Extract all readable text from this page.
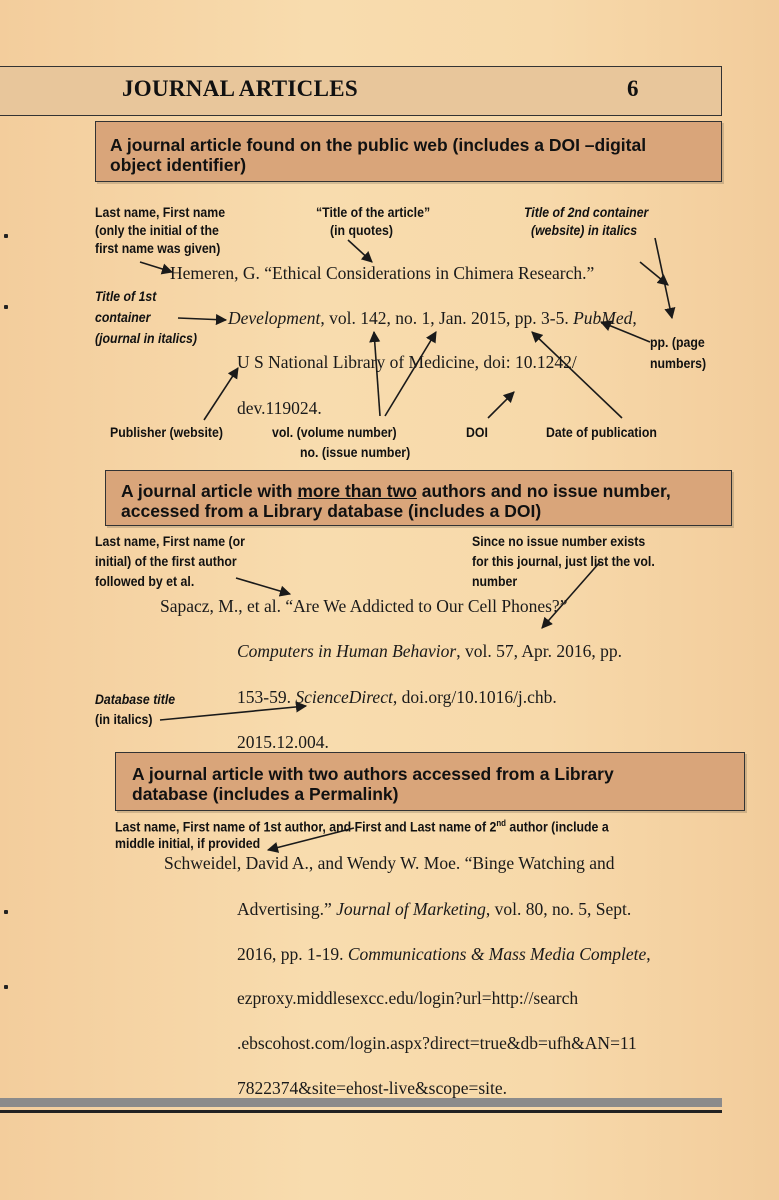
JOURNAL ARTICLES	6
A journal article found on the public web (includes a DOI –digital
object identifier)
Last name, First name
(only the initial of the
first name was given)
“Title of the article”
(in quotes)
Title of 2nd container
(website) in italics
Title of 1st
container
(journal in italics)	pp. (page
numbers)
Publisher (website)	vol. (volume number)
no. (issue number)
DOI	Date of publication
Hemeren, G. “Ethical Considerations in Chimera Research.”
Development, vol. 142, no. 1, Jan. 2015, pp. 3-5. PubMed,
U S National Library of Medicine, doi: 10.1242/
dev.119024.
A journal article with more than two authors and no issue number,
accessed from a Library database (includes a DOI)
Last name, First name (or
initial) of the first author
followed by et al.
Since no issue number exists
for this journal, just list the vol.
number
Database title
(in italics)
Sapacz, M., et al. “Are We Addicted to Our Cell Phones?”
Computers in Human Behavior, vol. 57, Apr. 2016, pp.
153-59. ScienceDirect, doi.org/10.1016/j.chb.
2015.12.004.
A journal article with two authors accessed from a Library
database (includes a Permalink)
Last name, First name of 1st author, and First and Last name of 2nd author (include a
middle initial, if provided
Schweidel, David A., and Wendy W. Moe. “Binge Watching and
Advertising.” Journal of Marketing, vol. 80, no. 5, Sept.
2016, pp. 1-19. Communications & Mass Media Complete,
ezproxy.middlesexcc.edu/login?url=http://search
.ebscohost.com/login.aspx?direct=true&db=ufh&AN=11
7822374&site=ehost-live&scope=site.
